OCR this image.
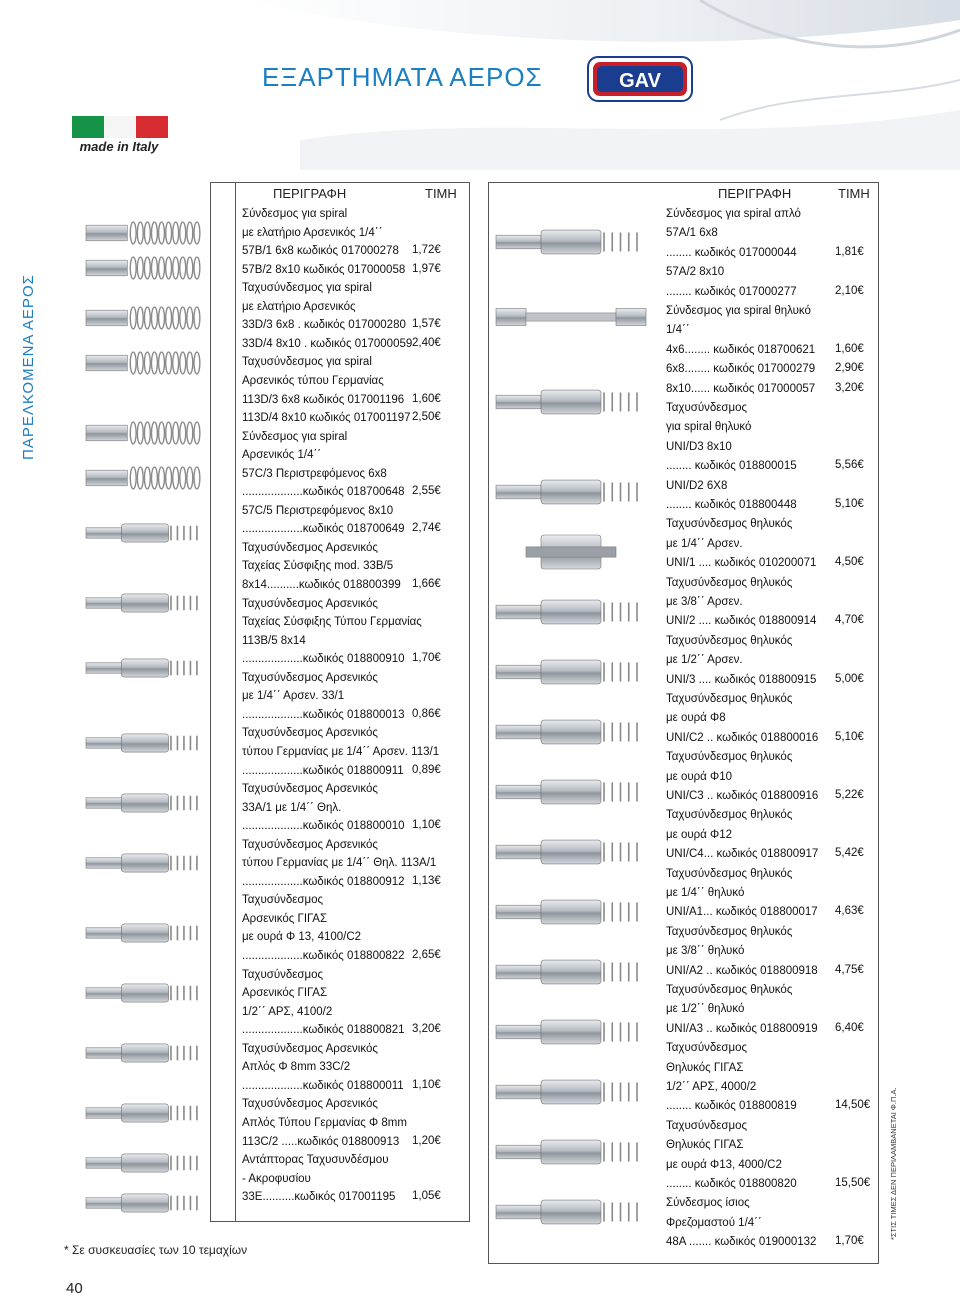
ΕΞΑΡΤΗΜΑΤΑ ΑΕΡΟΣ	GAV
made in Italy
ΠΑΡΕΛΚΟΜΕΝΑ ΑΕΡΟΣ
ΠΕΡΙΓΡΑΦΗ	ΤΙΜΗ
Σύνδεσμος για spiral
με ελατήριο Αρσενικός 1/4΄΄
57Β/1 6x8 κωδικός 017000278 1,72€
57Β/2 8x10 κωδικός 017000058 1,97€
Ταχυσύνδεσμος για spiral
με ελατήριο Αρσενικός
33D/3 6x8 . κωδικός 017000280 1,57€
33D/4 8x10 . κωδικός 017000059 2,40€
Ταχυσύνδεσμος για spiral
Αρσενικός τύπου Γερμανίας
113D/3 6x8 κωδικός 017001196 1,60€
113D/4 8x10 κωδικός 017001197 2,50€
Σύνδεσμος για spiral
Αρσενικός 1/4΄΄
57C/3 Περιστρεφόμενος 6x8
...................κωδικός 018700648 2,55€
57C/5 Περιστρεφόμενος 8x10
...................κωδικός 018700649 2,74€
Ταχυσύνδεσμος Αρσενικός
Ταχείας Σύσφιξης mod. 33B/5
8x14..........κωδικός 018800399 1,66€
Ταχυσύνδεσμος Αρσενικός
Ταχείας Σύσφιξης Τύπου Γερμανίας
113B/5 8x14
...................κωδικός 018800910 1,70€
Ταχυσύνδεσμος Αρσενικός
με 1/4΄΄ Αρσεν. 33/1
...................κωδικός 018800013 0,86€
Ταχυσύνδεσμος Αρσενικός
τύπου Γερμανίας με 1/4΄΄ Αρσεν. 113/1
...................κωδικός 018800911 0,89€
Ταχυσύνδεσμος Αρσενικός
33A/1 με 1/4΄΄ Θηλ.
...................κωδικός 018800010 1,10€
Ταχυσύνδεσμος Αρσενικός
τύπου Γερμανίας με 1/4΄΄ Θηλ. 113A/1
...................κωδικός 018800912 1,13€
Ταχυσύνδεσμος
Αρσενικός ΓΙΓΑΣ
με ουρά Φ 13, 4100/C2
...................κωδικός 018800822 2,65€
Ταχυσύνδεσμος
Αρσενικός ΓΙΓΑΣ
1/2΄΄ ΑΡΣ, 4100/2
...................κωδικός 018800821 3,20€
Ταχυσύνδεσμος Αρσενικός
Απλός Φ 8mm 33C/2
...................κωδικός 018800011 1,10€
Ταχυσύνδεσμος Αρσενικός
Απλός Τύπου Γερμανίας Φ 8mm
113C/2 .....κωδικός 018800913 1,20€
Αντάπτορας Ταχυσυνδέσμου
- Ακροφυσίου
33E..........κωδικός 017001195 1,05€
ΠΕΡΙΓΡΑΦΗ	ΤΙΜΗ
Σύνδεσμος για spiral απλό
57A/1 6x8
........ κωδικός 017000044	1,81€
57A/2 8x10
........ κωδικός 017000277	2,10€
Σύνδεσμος για spiral θηλυκό
1/4΄΄
4x6........ κωδικός 018700621 1,60€
6x8........ κωδικός 017000279 2,90€
8x10...... κωδικός 017000057 3,20€
Ταχυσύνδεσμος
για spiral θηλυκό
UNI/D3 8x10
........ κωδικός 018800015	5,56€
UNI/D2 6X8
........ κωδικός 018800448	5,10€
Ταχυσύνδεσμος θηλυκός
με 1/4΄΄ Αρσεν.
UNI/1 .... κωδικός 010200071 4,50€
Ταχυσύνδεσμος θηλυκός
με 3/8΄΄ Αρσεν.
UNI/2 .... κωδικός 018800914 4,70€
Ταχυσύνδεσμος θηλυκός
με 1/2΄΄ Αρσεν.
UNI/3 .... κωδικός 018800915 5,00€
Ταχυσύνδεσμος θηλυκός
με ουρά Φ8
UNI/C2 .. κωδικός 018800016 5,10€
Ταχυσύνδεσμος θηλυκός
με ουρά Φ10
UNI/C3 .. κωδικός 018800916 5,22€
Ταχυσύνδεσμος θηλυκός
με ουρά Φ12
UNI/C4... κωδικός 018800917 5,42€
Ταχυσύνδεσμος θηλυκός
με 1/4΄΄ θηλυκό
UNI/A1... κωδικός 018800017 4,63€
Ταχυσύνδεσμος θηλυκός
με 3/8΄΄ θηλυκό
UNI/A2 .. κωδικός 018800918 4,75€
Ταχυσύνδεσμος θηλυκός
με 1/2΄΄ θηλυκό
UNI/A3 .. κωδικός 018800919 6,40€
Ταχυσύνδεσμος
Θηλυκός ΓΙΓΑΣ
1/2΄΄ ΑΡΣ, 4000/2
........ κωδικός 018800819	14,50€
Ταχυσύνδεσμος
Θηλυκός ΓΙΓΑΣ
με ουρά Φ13, 4000/C2
........ κωδικός 018800820	15,50€
Σύνδεσμος ίσιος
Φρεζομαστού 1/4΄΄
48A ....... κωδικός 019000132 1,70€
* Σε συσκευασίες των 10 τεμαχίων
40
*ΣΤΙΣ ΤΙΜΕΣ ΔΕΝ ΠΕΡΙΛΑΜΒΑΝΕΤΑΙ Φ.Π.Α.
